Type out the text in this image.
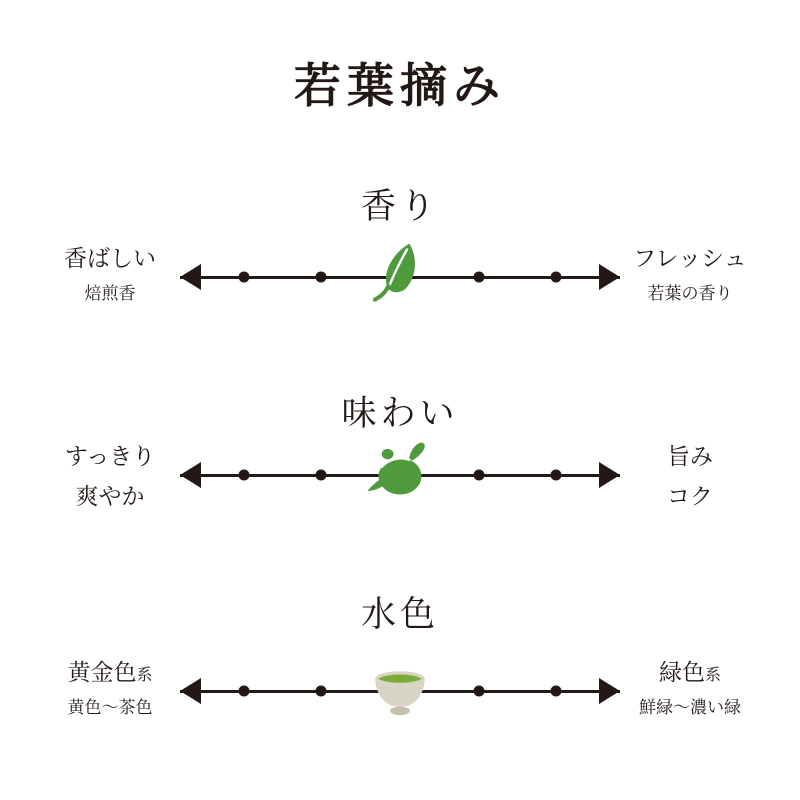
若葉摘み
香り
香ばしい
焙煎香
フレッシュ
若葉の香り
味わい
すっきり
爽やか
旨み
コク
水色
黄金色系
黄色〜茶色
緑色系
鮮緑〜濃い緑
